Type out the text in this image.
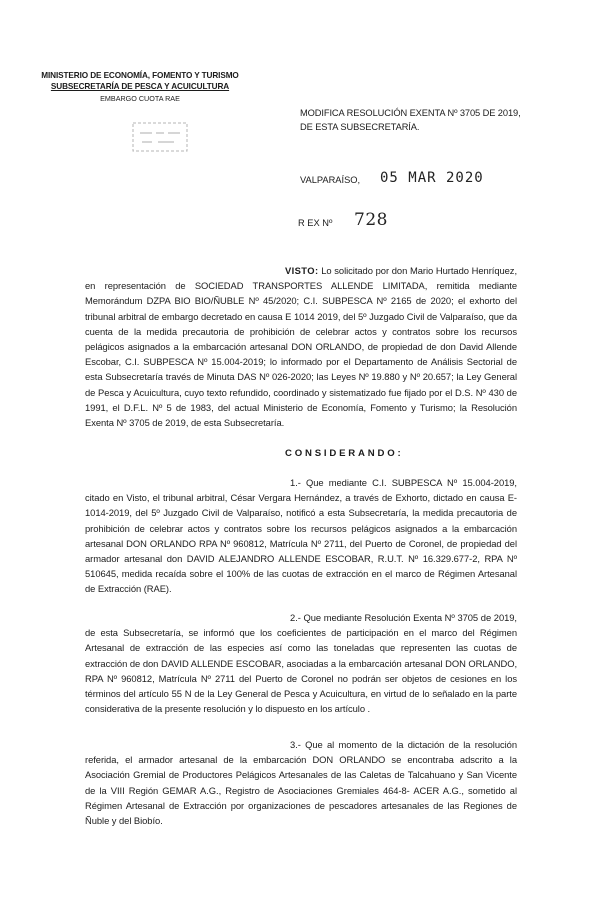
MINISTERIO DE ECONOMÍA, FOMENTO Y TURISMO
SUBSECRETARÍA DE PESCA Y ACUICULTURA
EMBARGO CUOTA RAE
MODIFICA RESOLUCIÓN EXENTA Nº 3705 DE 2019,
DE ESTA SUBSECRETARÍA.
VALPARAÍSO, 05 MAR 2020
R EX Nº 728
VISTO: Lo solicitado por don Mario Hurtado Henríquez, en representación de SOCIEDAD TRANSPORTES ALLENDE LIMITADA, remitida mediante Memorándum DZPA BIO BIO/ÑUBLE Nº 45/2020; C.I. SUBPESCA Nº 2165 de 2020; el exhorto del tribunal arbitral de embargo decretado en causa E 1014 2019, del 5º Juzgado Civil de Valparaíso, que da cuenta de la medida precautoria de prohibición de celebrar actos y contratos sobre los recursos pelágicos asignados a la embarcación artesanal DON ORLANDO, de propiedad de don David Allende Escobar, C.I. SUBPESCA Nº 15.004-2019; lo informado por el Departamento de Análisis Sectorial de esta Subsecretaría través de Minuta DAS Nº 026-2020; las Leyes Nº 19.880 y Nº 20.657; la Ley General de Pesca y Acuicultura, cuyo texto refundido, coordinado y sistematizado fue fijado por el D.S. Nº 430 de 1991, el D.F.L. Nº 5 de 1983, del actual Ministerio de Economía, Fomento y Turismo; la Resolución Exenta Nº 3705 de 2019, de esta Subsecretaría.
CONSIDERANDO:
1.- Que mediante C.I. SUBPESCA Nº 15.004-2019, citado en Visto, el tribunal arbitral, César Vergara Hernández, a través de Exhorto, dictado en causa E-1014-2019, del 5º Juzgado Civil de Valparaíso, notificó a esta Subsecretaría, la medida precautoria de prohibición de celebrar actos y contratos sobre los recursos pelágicos asignados a la embarcación artesanal DON ORLANDO RPA Nº 960812, Matrícula Nº 2711, del Puerto de Coronel, de propiedad del armador artesanal don DAVID ALEJANDRO ALLENDE ESCOBAR, R.U.T. Nº 16.329.677-2, RPA Nº 510645, medida recaída sobre el 100% de las cuotas de extracción en el marco de Régimen Artesanal de Extracción (RAE).
2.- Que mediante Resolución Exenta Nº 3705 de 2019, de esta Subsecretaría, se informó que los coeficientes de participación en el marco del Régimen Artesanal de extracción de las especies así como las toneladas que representen las cuotas de extracción de don DAVID ALLENDE ESCOBAR, asociadas a la embarcación artesanal DON ORLANDO, RPA Nº 960812, Matrícula Nº 2711 del Puerto de Coronel no podrán ser objetos de cesiones en los términos del artículo 55 N de la Ley General de Pesca y Acuicultura, en virtud de lo señalado en la parte considerativa de la presente resolución y lo dispuesto en los artículo .
3.- Que al momento de la dictación de la resolución referida, el armador artesanal de la embarcación DON ORLANDO se encontraba adscrito a la Asociación Gremial de Productores Pelágicos Artesanales de las Caletas de Talcahuano y San Vicente de la VIII Región GEMAR A.G., Registro de Asociaciones Gremiales 464-8- ACER A.G., sometido al Régimen Artesanal de Extracción por organizaciones de pescadores artesanales de las Regiones de Ñuble y del Biobío.
